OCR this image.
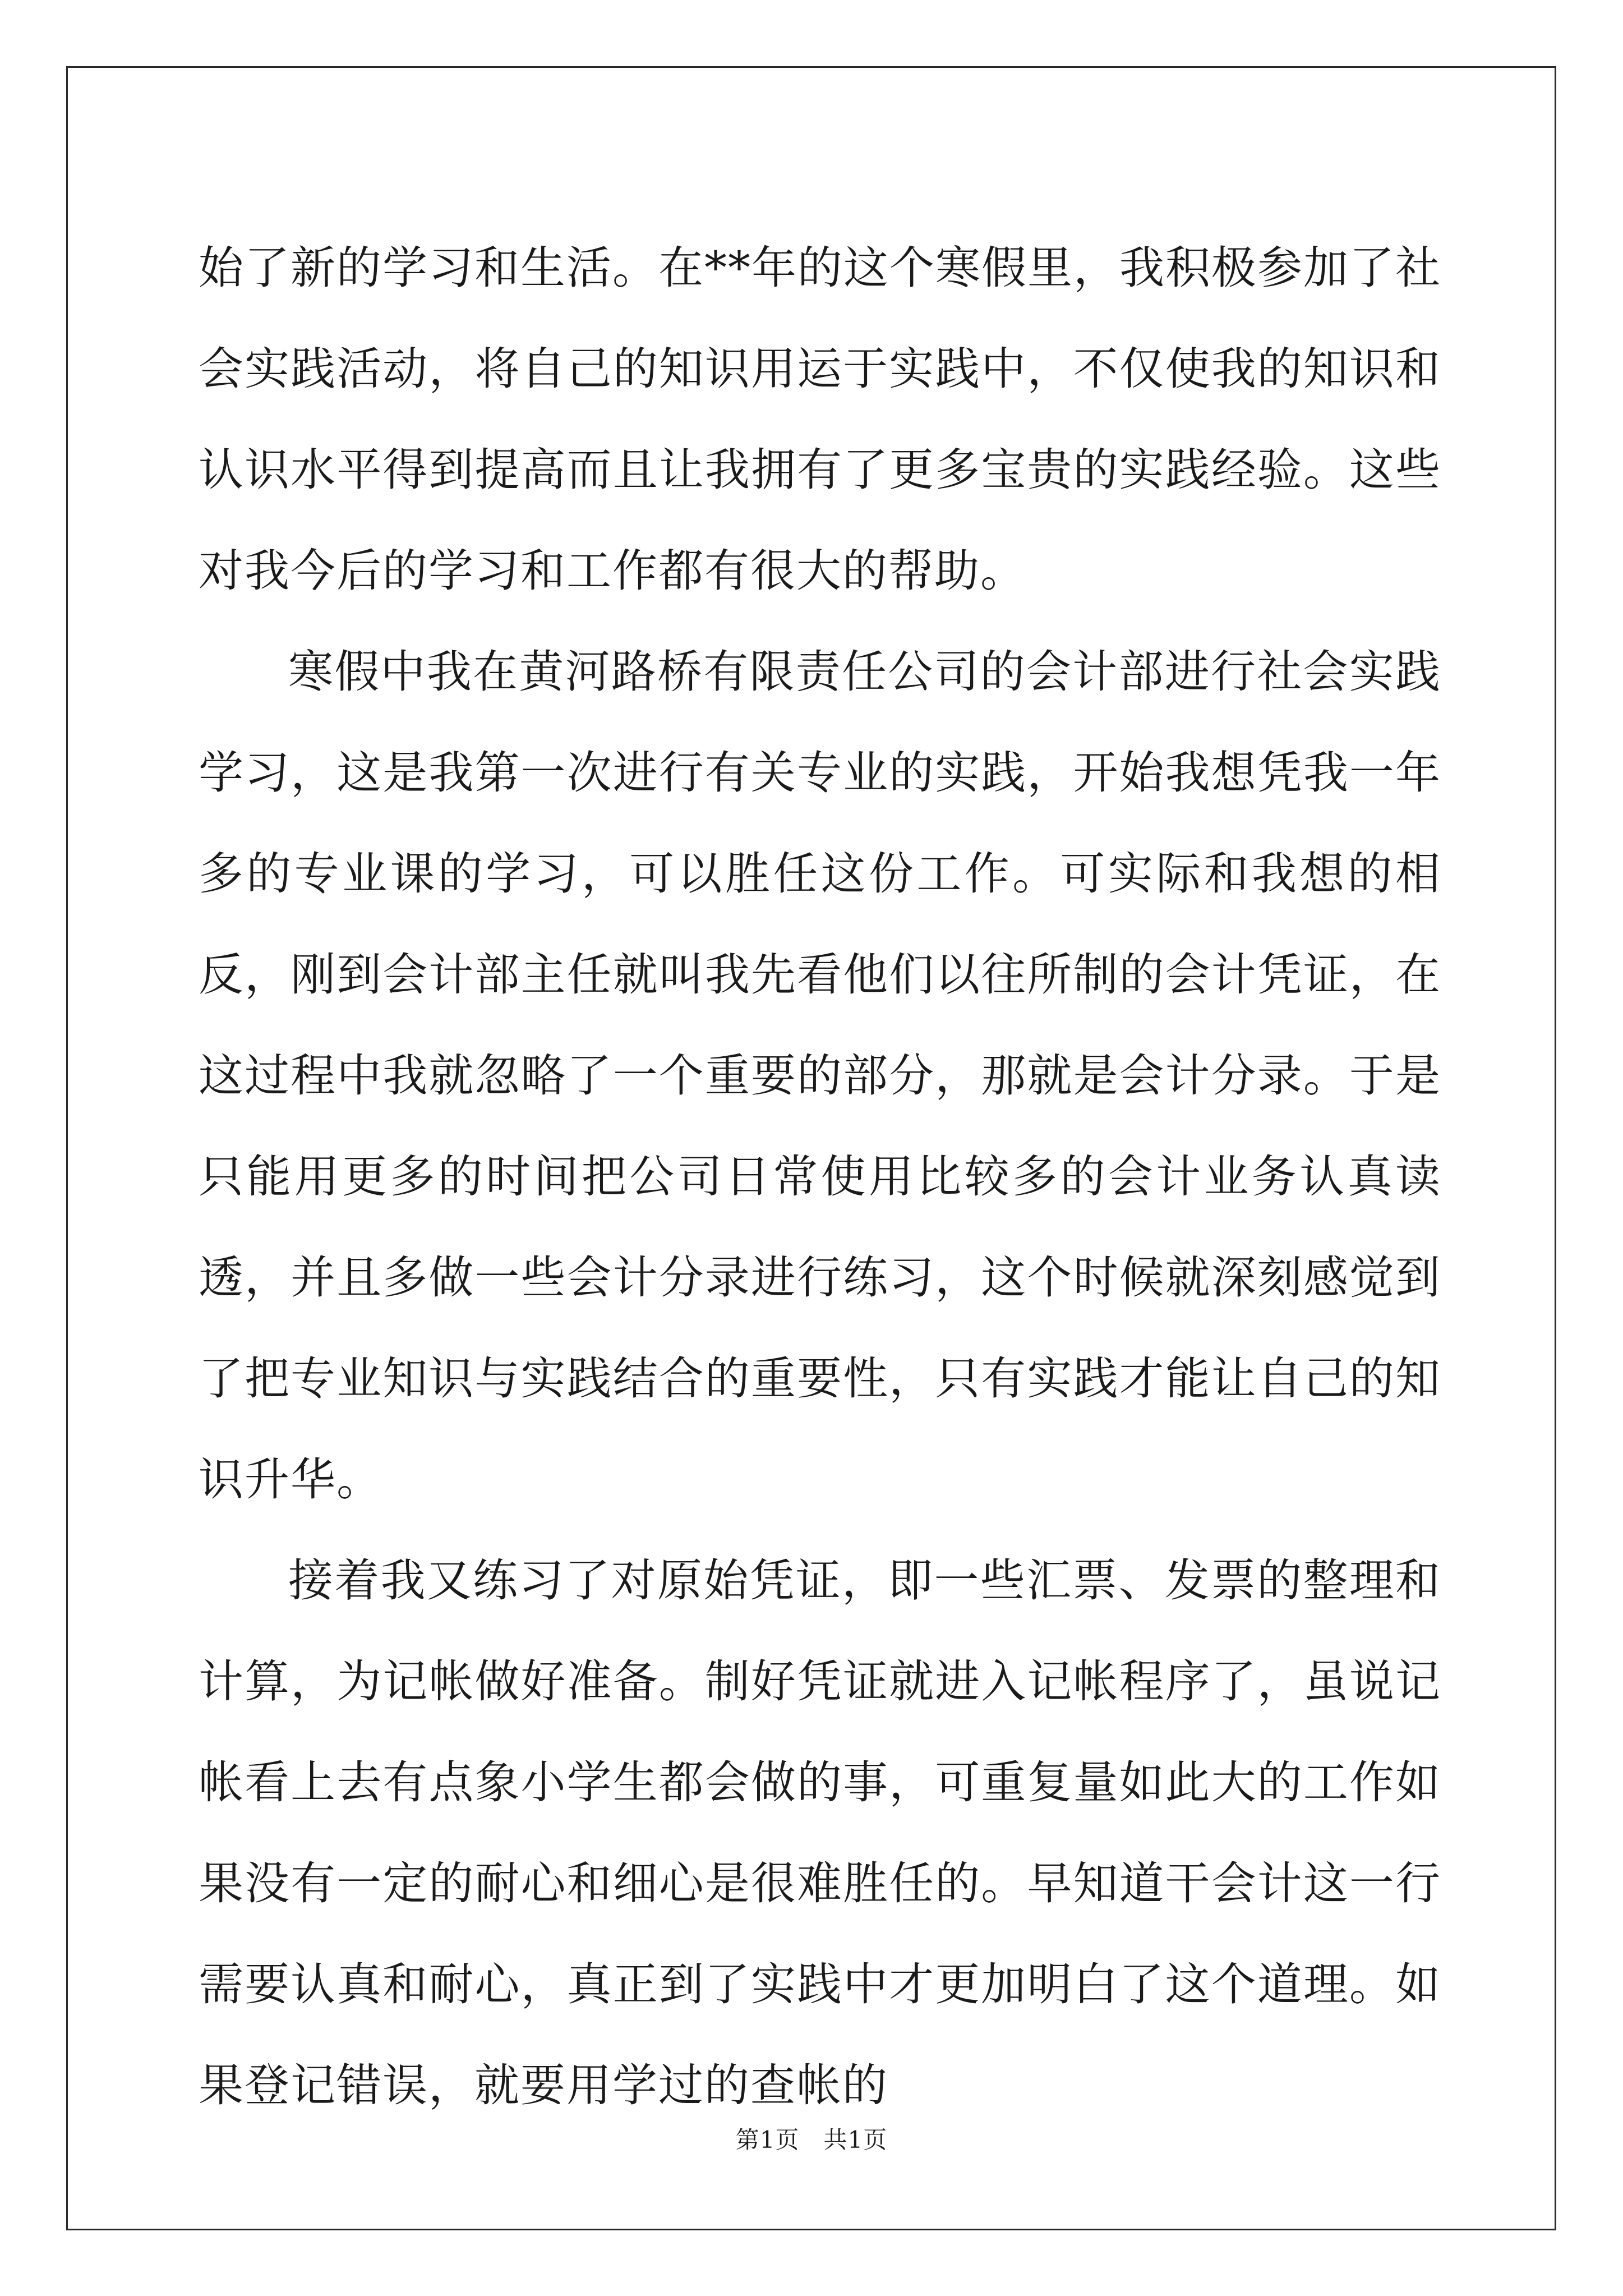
始了新的学习和生活。在**年的这个寒假里，我积极参加了社会实践活动，将自己的知识用运于实践中，不仅使我的知识和认识水平得到提高而且让我拥有了更多宝贵的实践经验。这些对我今后的学习和工作都有很大的帮助。

寒假中我在黄河路桥有限责任公司的会计部进行社会实践学习，这是我第一次进行有关专业的实践，开始我想凭我一年多的专业课的学习，可以胜任这份工作。可实际和我想的相反，刚到会计部主任就叫我先看他们以往所制的会计凭证，在这过程中我就忽略了一个重要的部分，那就是会计分录。于是只能用更多的时间把公司日常使用比较多的会计业务认真读透，并且多做一些会计分录进行练习，这个时候就深刻感觉到了把专业知识与实践结合的重要性，只有实践才能让自己的知识升华。

接着我又练习了对原始凭证，即一些汇票、发票的整理和计算，为记帐做好准备。制好凭证就进入记帐程序了，虽说记帐看上去有点象小学生都会做的事，可重复量如此大的工作如果没有一定的耐心和细心是很难胜任的。早知道干会计这一行需要认真和耐心，真正到了实践中才更加明白了这个道理。如果登记错误，就要用学过的查帐的

第1页　共1页
